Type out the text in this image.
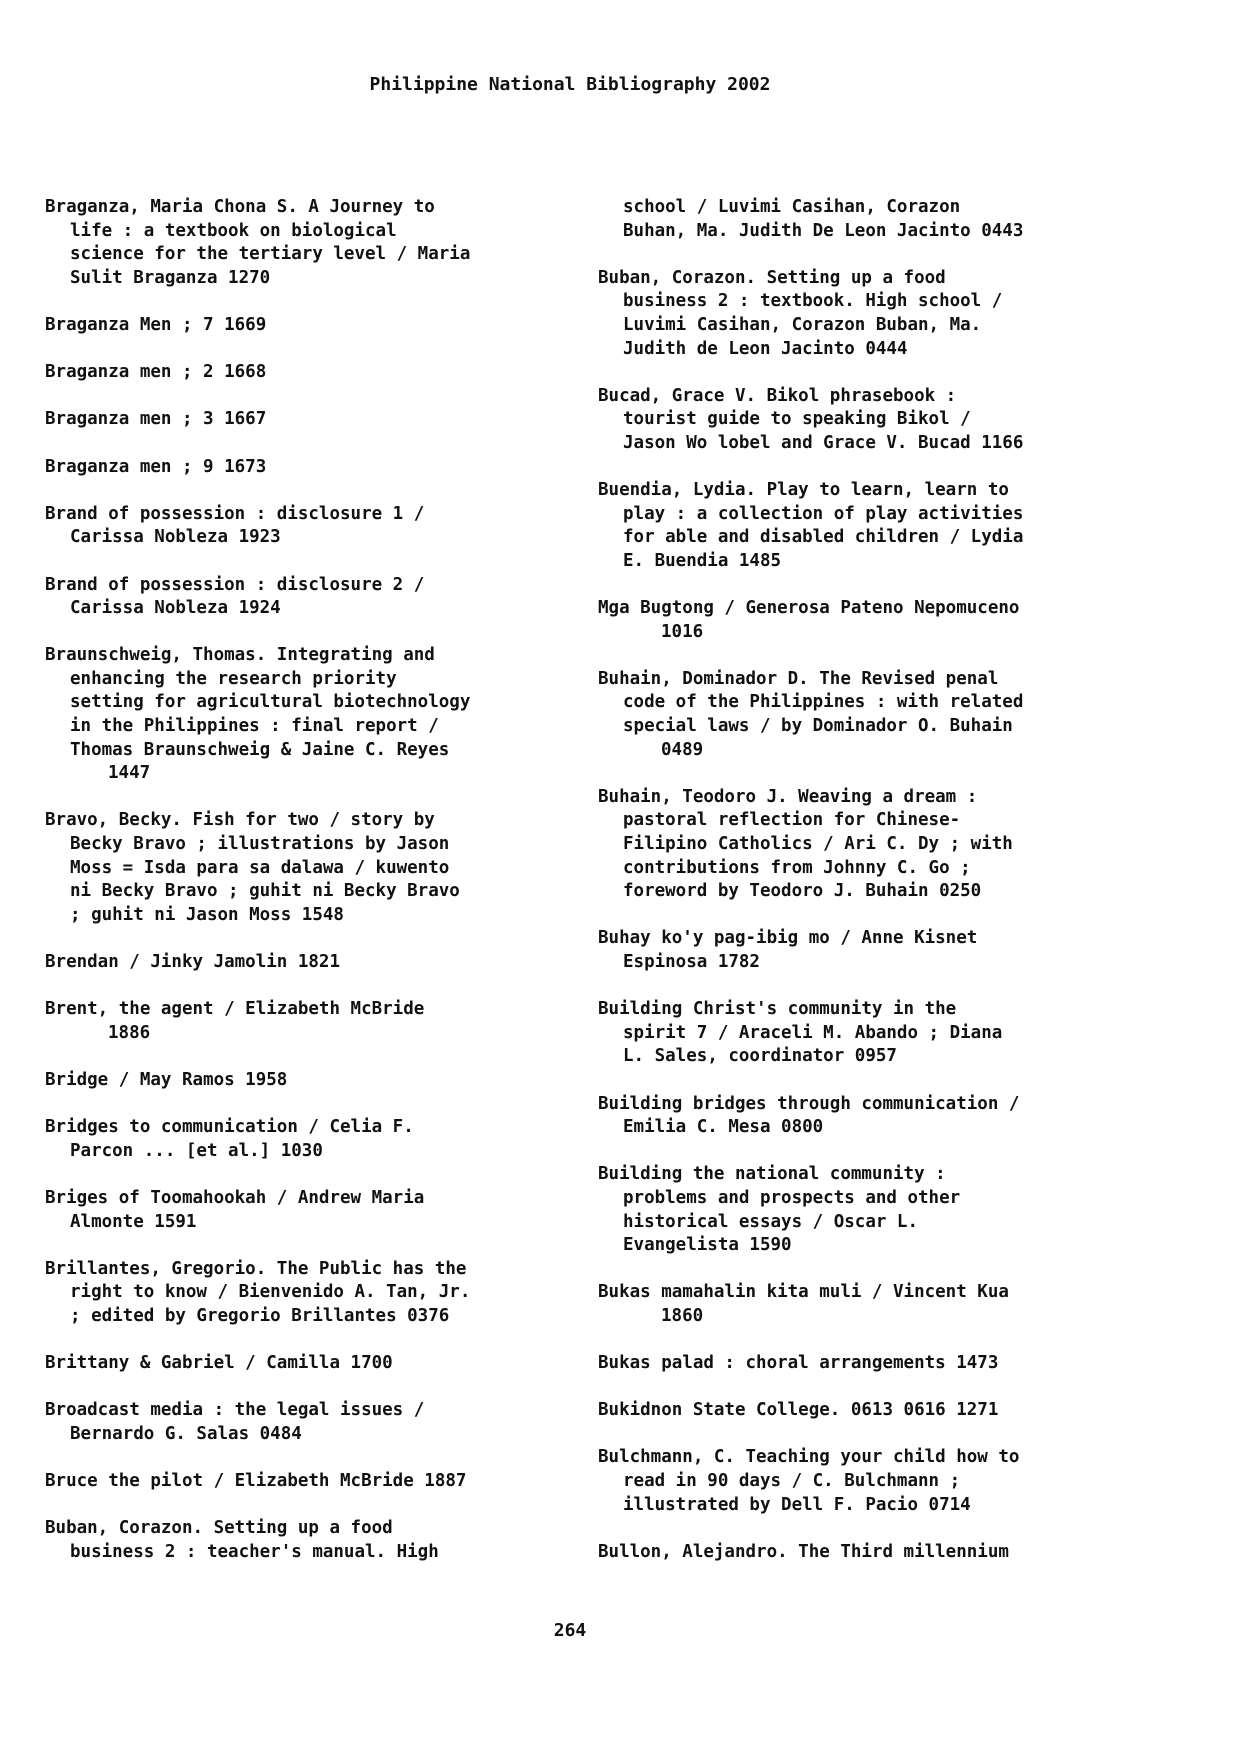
Philippine National Bibliography 2002
Braganza, Maria Chona S. A Journey to
life : a textbook on biological
science for the tertiary level / Maria
Sulit Braganza 1270
Braganza Men ; 7 1669
Braganza men ; 2 1668
Braganza men ; 3 1667
Braganza men ; 9 1673
Brand of possession : disclosure 1 /
Carissa Nobleza 1923
Brand of possession : disclosure 2 /
Carissa Nobleza 1924
Braunschweig, Thomas. Integrating and
enhancing the research priority
setting for agricultural biotechnology
in the Philippines : final report /
Thomas Braunschweig & Jaine C. Reyes
1447
Bravo, Becky. Fish for two / story by
Becky Bravo ; illustrations by Jason
Moss = Isda para sa dalawa / kuwento
ni Becky Bravo ; guhit ni Becky Bravo
; guhit ni Jason Moss 1548
Brendan / Jinky Jamolin 1821
Brent, the agent / Elizabeth McBride
1886
Bridge / May Ramos 1958
Bridges to communication / Celia F.
Parcon ... [et al.] 1030
Briges of Toomahookah / Andrew Maria
Almonte 1591
Brillantes, Gregorio. The Public has the
right to know / Bienvenido A. Tan, Jr.
; edited by Gregorio Brillantes 0376
Brittany & Gabriel / Camilla 1700
Broadcast media : the legal issues /
Bernardo G. Salas 0484
Bruce the pilot / Elizabeth McBride 1887
Buban, Corazon. Setting up a food
business 2 : teacher's manual. High
school / Luvimi Casihan, Corazon
Buhan, Ma. Judith De Leon Jacinto 0443
Buban, Corazon. Setting up a food
business 2 : textbook. High school /
Luvimi Casihan, Corazon Buban, Ma.
Judith de Leon Jacinto 0444
Bucad, Grace V. Bikol phrasebook :
tourist guide to speaking Bikol /
Jason Wo lobel and Grace V. Bucad 1166
Buendia, Lydia. Play to learn, learn to
play : a collection of play activities
for able and disabled children / Lydia
E. Buendia 1485
Mga Bugtong / Generosa Pateno Nepomuceno
1016
Buhain, Dominador D. The Revised penal
code of the Philippines : with related
special laws / by Dominador O. Buhain
0489
Buhain, Teodoro J. Weaving a dream :
pastoral reflection for Chinese-
Filipino Catholics / Ari C. Dy ; with
contributions from Johnny C. Go ;
foreword by Teodoro J. Buhain 0250
Buhay ko'y pag-ibig mo / Anne Kisnet
Espinosa 1782
Building Christ's community in the
spirit 7 / Araceli M. Abando ; Diana
L. Sales, coordinator 0957
Building bridges through communication /
Emilia C. Mesa 0800
Building the national community :
problems and prospects and other
historical essays / Oscar L.
Evangelista 1590
Bukas mamahalin kita muli / Vincent Kua
1860
Bukas palad : choral arrangements 1473
Bukidnon State College. 0613 0616 1271
Bulchmann, C. Teaching your child how to
read in 90 days / C. Bulchmann ;
illustrated by Dell F. Pacio 0714
Bullon, Alejandro. The Third millennium
264
